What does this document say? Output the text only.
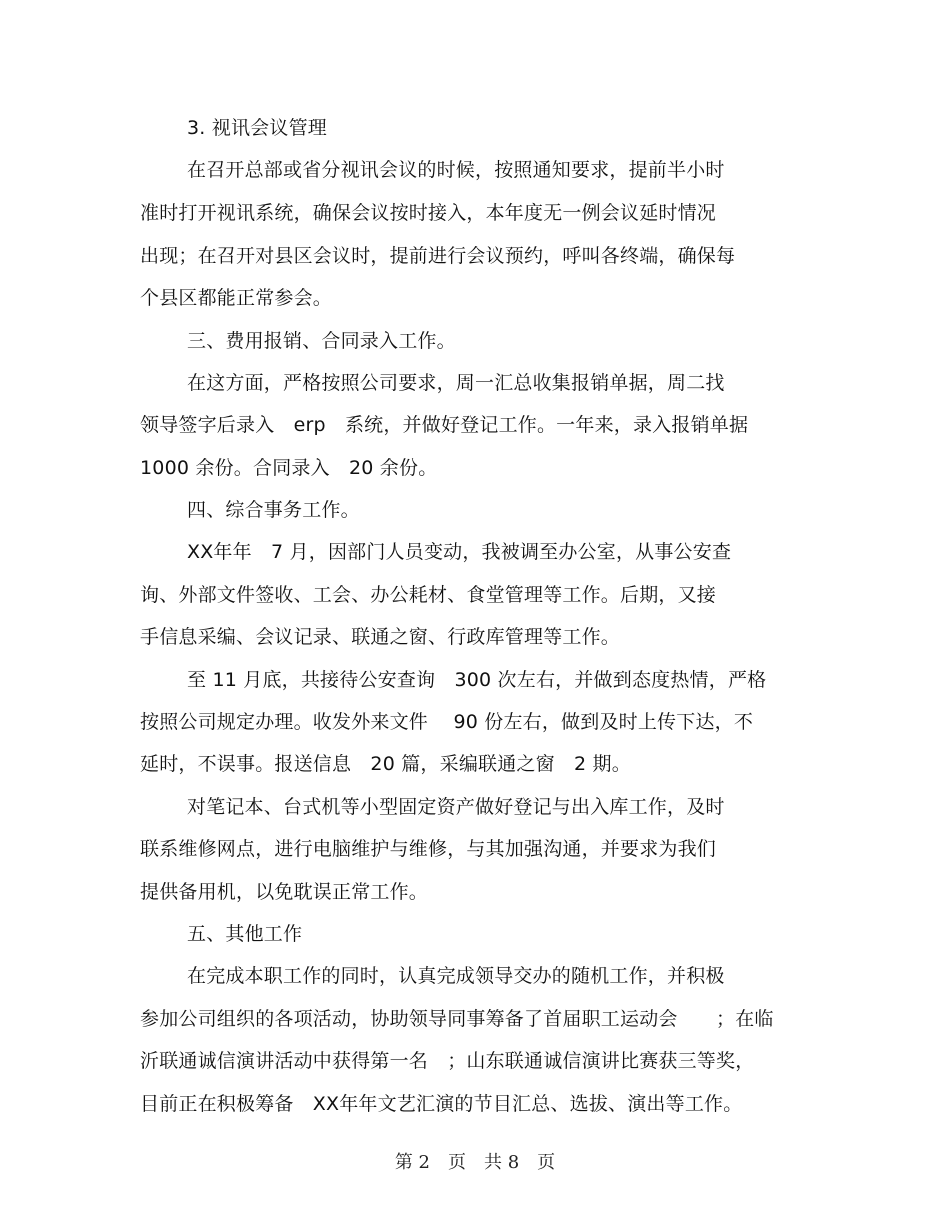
3. 视讯会议管理
在召开总部或省分视讯会议的时候，按照通知要求，提前半小时
准时打开视讯系统，确保会议按时接入，本年度无一例会议延时情况
出现；在召开对县区会议时，提前进行会议预约，呼叫各终端，确保每
个县区都能正常参会。
三、费用报销、合同录入工作。
在这方面，严格按照公司要求，周一汇总收集报销单据，周二找
领导签字后录入　erp　系统，并做好登记工作。一年来，录入报销单据
1000 余份。合同录入　20 余份。
四、综合事务工作。
XX年年　7 月，因部门人员变动，我被调至办公室，从事公安查
询、外部文件签收、工会、办公耗材、食堂管理等工作。后期，又接
手信息采编、会议记录、联通之窗、行政库管理等工作。
至 11 月底，共接待公安查询　300 次左右，并做到态度热情，严格
按照公司规定办理。收发外来文件　 90 份左右，做到及时上传下达，不
延时，不误事。报送信息　20 篇，采编联通之窗　2 期。
对笔记本、台式机等小型固定资产做好登记与出入库工作，及时
联系维修网点，进行电脑维护与维修，与其加强沟通，并要求为我们
提供备用机，以免耽误正常工作。
五、其他工作
在完成本职工作的同时，认真完成领导交办的随机工作，并积极
参加公司组织的各项活动，协助领导同事筹备了首届职工运动会　　；在临
沂联通诚信演讲活动中获得第一名　；山东联通诚信演讲比赛获三等奖，
目前正在积极筹备　XX年年文艺汇演的节目汇总、选拔、演出等工作。
第 2　页　共 8　页
